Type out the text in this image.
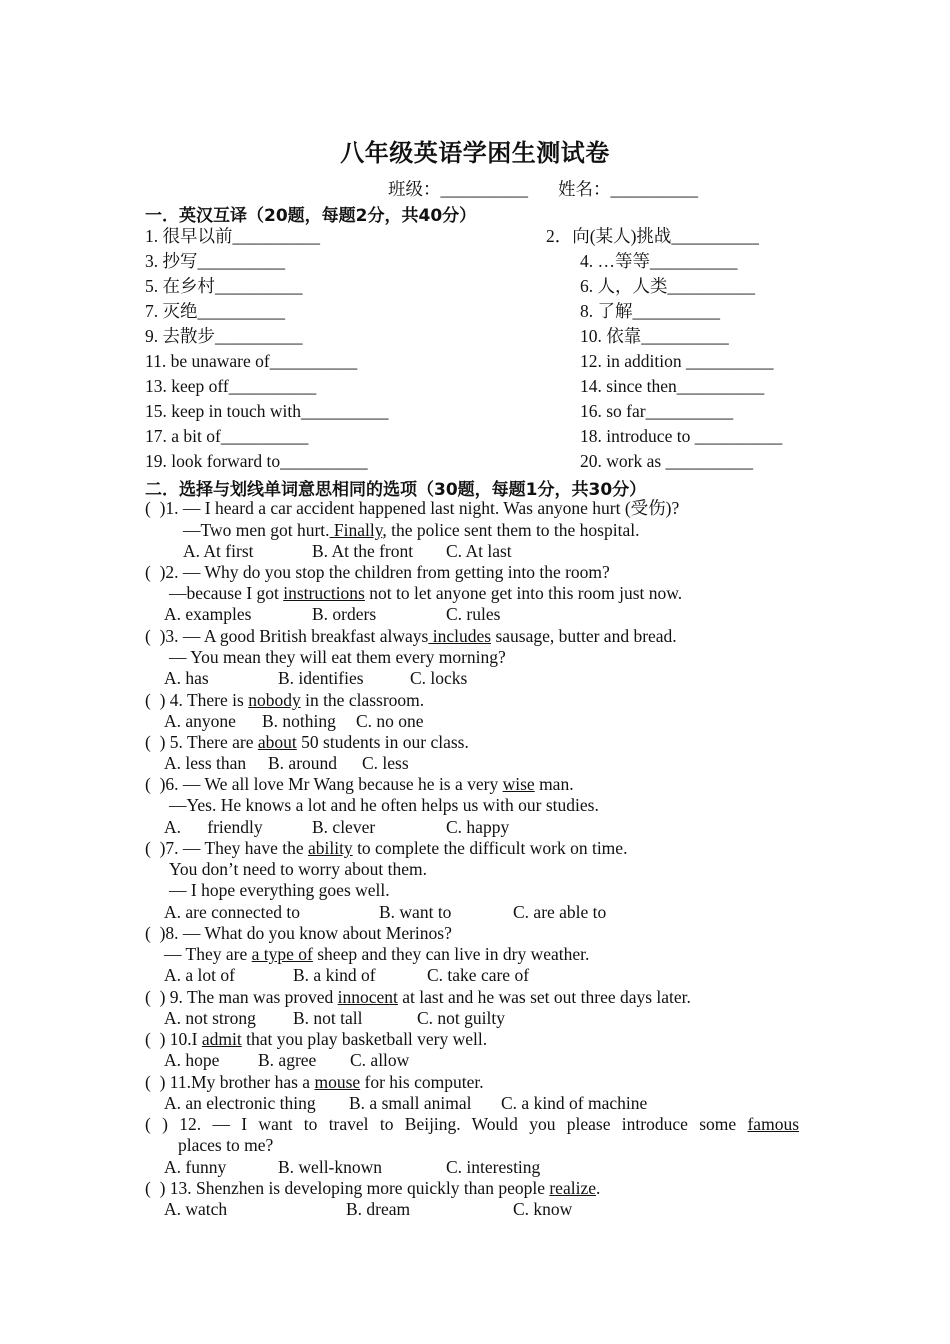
八年级英语学困生测试卷
班级：__________ 姓名：__________
一．英汉互译（20题，每题2分，共40分）
1. 很早以前__________	2．向(某人)挑战__________
3. 抄写__________	4. …等等__________
5. 在乡村__________	6. 人，人类__________
7. 灭绝__________	8. 了解__________
9. 去散步__________	10. 依靠__________
11. be unaware of__________	12. in addition __________
13. keep off__________	14. since then__________
15. keep in touch with__________	16. so far__________
17. a bit of__________	18. introduce to __________
19. look forward to__________	20. work as __________
二．选择与划线单词意思相同的选项（30题，每题1分，共30分）
(  )1. — I heard a car accident happened last night. Was anyone hurt (受伤)?
—Two men got hurt. Finally, the police sent them to the hospital.
A. At first	B. At the front C. At last
(  )2. — Why do you stop the children from getting into the room?
—because I got instructions not to let anyone get into this room just now.
A. examples	B. orders	C. rules
(  )3. — A good British breakfast always includes sausage, butter and bread.
— You mean they will eat them every morning?
A. has	B. identifies	C. locks
(  ) 4. There is nobody in the classroom.
A. anyone B. nothing C. no one
(  ) 5. There are about 50 students in our class.
A. less than B. around C. less
(  )6. — We all love Mr Wang because he is a very wise man.
—Yes. He knows a lot and he often helps us with our studies.
A.      friendly	B. clever	C. happy
(  )7. — They have the ability to complete the difficult work on time.
You don’t need to worry about them.
— I hope everything goes well.
A. are connected to	B. want to	C. are able to
(  )8. — What do you know about Merinos?
— They are a type of sheep and they can live in dry weather.
A. a lot of	B. a kind of	C. take care of
(  ) 9. The man was proved innocent at last and he was set out three days later.
A. not strong B. not tall	C. not guilty
(  ) 10.I admit that you play basketball very well.
A. hope B. agree C. allow
(  ) 11.My brother has a mouse for his computer.
A. an electronic thing B. a small animal C. a kind of machine
( ) 12. — I want to travel to Beijing. Would you please introduce some famous
places to me?
A. funny	B. well-known	C. interesting
(  ) 13. Shenzhen is developing more quickly than people realize.
A. watch	B. dream	C. know
